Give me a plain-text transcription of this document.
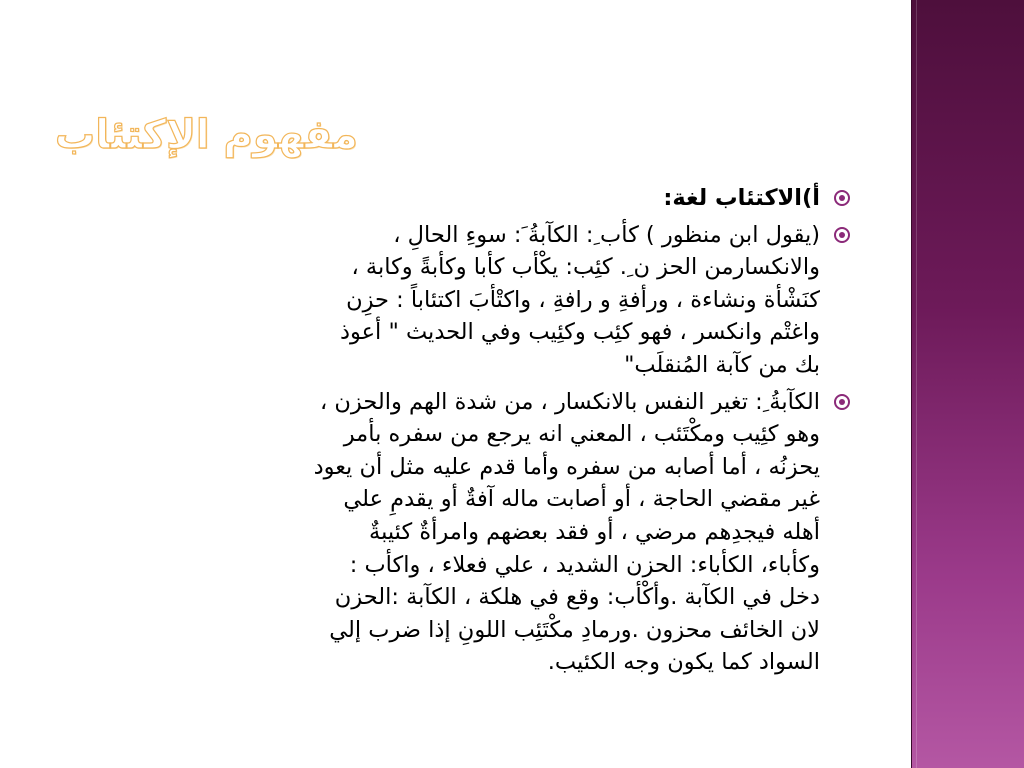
مفهوم الإكتئاب
أ)الاكتئاب لغة:
(يقول ابن منظور ) كأب ِ: الكآبةُ َ: سوءِ الحالِ ،
والانكسارمن الحز ن ِ. كئِب: يكْأب كأبا وكأبةً وكابة ،
كنَشْأة ونشاءة ، ورأفةِ و رافةِ ، واكتْأبَ اكتئاباً : حزِن
واغتْم وانكسر ، فهو كئِب وكئِيب وفي الحديث " أعوذ
بك من كآبة المُنقلَب"
الكآبةُ ِ: تغير النفس بالانكسار ، من شدة الهم والحزن ،
وهو كئِيب ومكْتَئب ، المعني انه يرجع من سفره بأمر
يحزنُه ، أما أصابه من سفره وأما قدم عليه مثل أن يعود
غير مقضي الحاجة ، أو أصابت ماله آفةٌ أو يقدمِ علي
أهله فيجدِهم مرضي ، أو فقد بعضهم وامرأةٌ كئيبةٌ
وكأباء، الكأباء: الحزن الشديد ، علي فعلاء ، واكأب :
دخل في الكآبة .وأكْأب: وقع في هلكة ، الكآبة :الحزن
لان الخائف محزون .ورمادِ مكْتَئِب اللونِ إذا ضرب إلي
السواد كما يكون وجه الكئيب.
